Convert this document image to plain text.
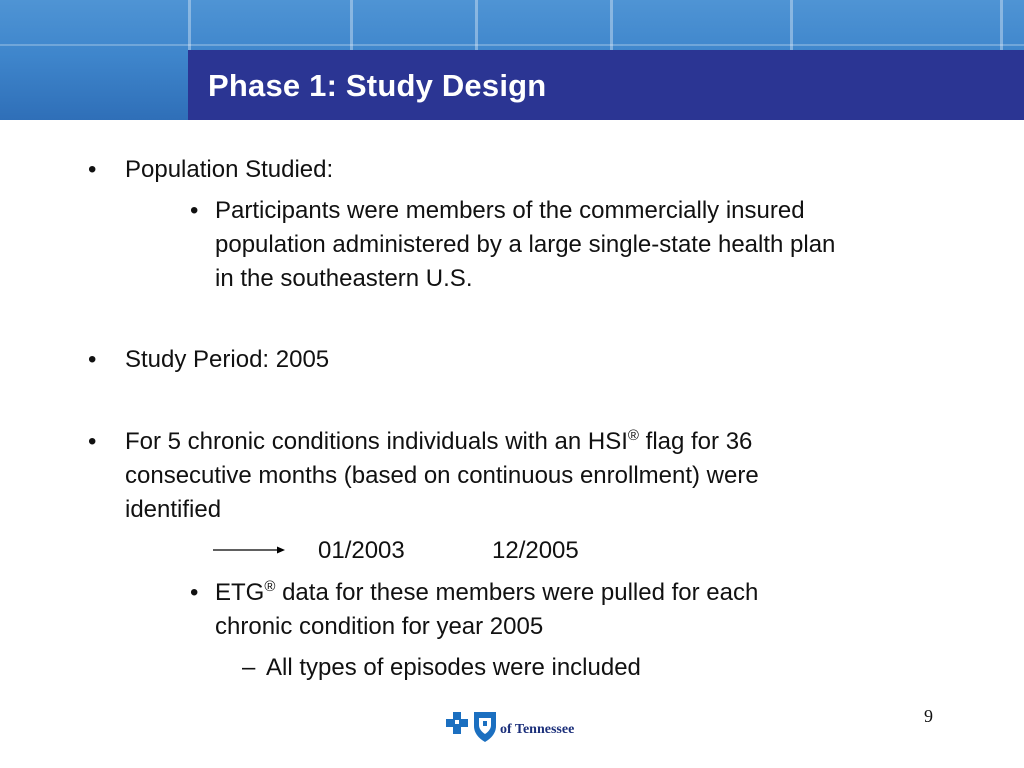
Phase 1: Study Design
• Population Studied:
• Participants were members of the commercially insured
population administered by a large single-state health plan
in the southeastern U.S.
• Study Period: 2005
• For 5 chronic conditions individuals with an HSI® flag for 36
consecutive months (based on continuous enrollment) were
identified
01/2003	12/2005
• ETG® data for these members were pulled for each
chronic condition for year 2005
– All types of episodes were included
of Tennessee
9
